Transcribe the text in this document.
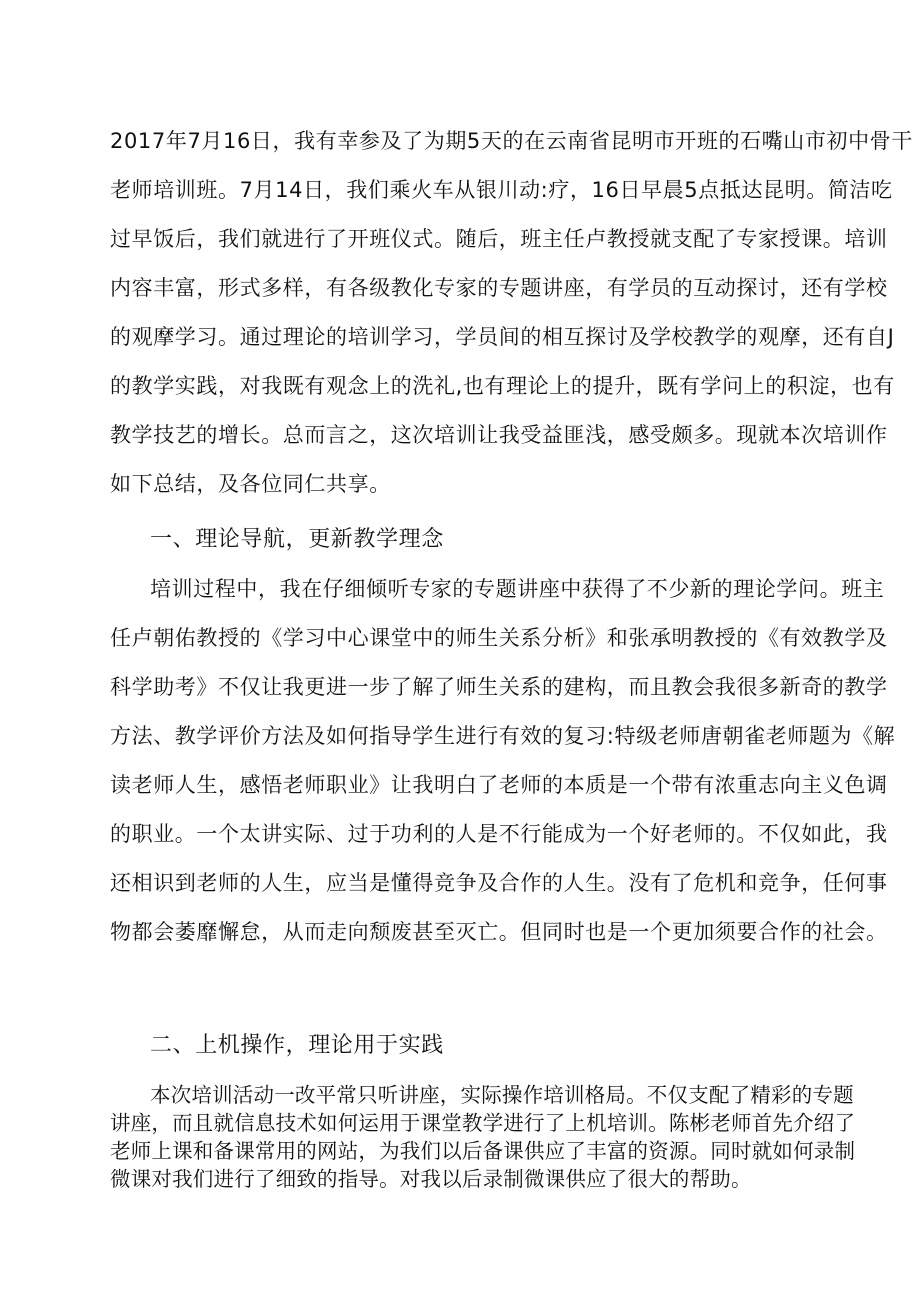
2017年7月16日，我有幸参及了为期5天的在云南省昆明市开班的石嘴山市初中骨干
老师培训班。7月14日，我们乘火车从银川动:疗，16日早晨5点抵达昆明。简洁吃
过早饭后，我们就进行了开班仪式。随后，班主任卢教授就支配了专家授课。培训
内容丰富，形式多样，有各级教化专家的专题讲座，有学员的互动探讨，还有学校
的观摩学习。通过理论的培训学习，学员间的相互探讨及学校教学的观摩，还有自J
的教学实践，对我既有观念上的洗礼,也有理论上的提升，既有学问上的积淀，也有
教学技艺的增长。总而言之，这次培训让我受益匪浅，感受颇多。现就本次培训作
如下总结，及各位同仁共享。
一、理论导航，更新教学理念
培训过程中，我在仔细倾听专家的专题讲座中获得了不少新的理论学问。班主
任卢朝佑教授的《学习中心课堂中的师生关系分析》和张承明教授的《有效教学及
科学助考》不仅让我更进一步了解了师生关系的建构，而且教会我很多新奇的教学
方法、教学评价方法及如何指导学生进行有效的复习:特级老师唐朝雀老师题为《解
读老师人生，感悟老师职业》让我明白了老师的本质是一个带有浓重志向主义色调
的职业。一个太讲实际、过于功利的人是不行能成为一个好老师的。不仅如此，我
还相识到老师的人生，应当是懂得竞争及合作的人生。没有了危机和竞争，任何事
物都会萎靡懈怠，从而走向颓废甚至灭亡。但同时也是一个更加须要合作的社会。
二、上机操作，理论用于实践
本次培训活动一改平常只听讲座，实际操作培训格局。不仅支配了精彩的专题
讲座，而且就信息技术如何运用于课堂教学进行了上机培训。陈彬老师首先介绍了
老师上课和备课常用的网站，为我们以后备课供应了丰富的资源。同时就如何录制
微课对我们进行了细致的指导。对我以后录制微课供应了很大的帮助。
